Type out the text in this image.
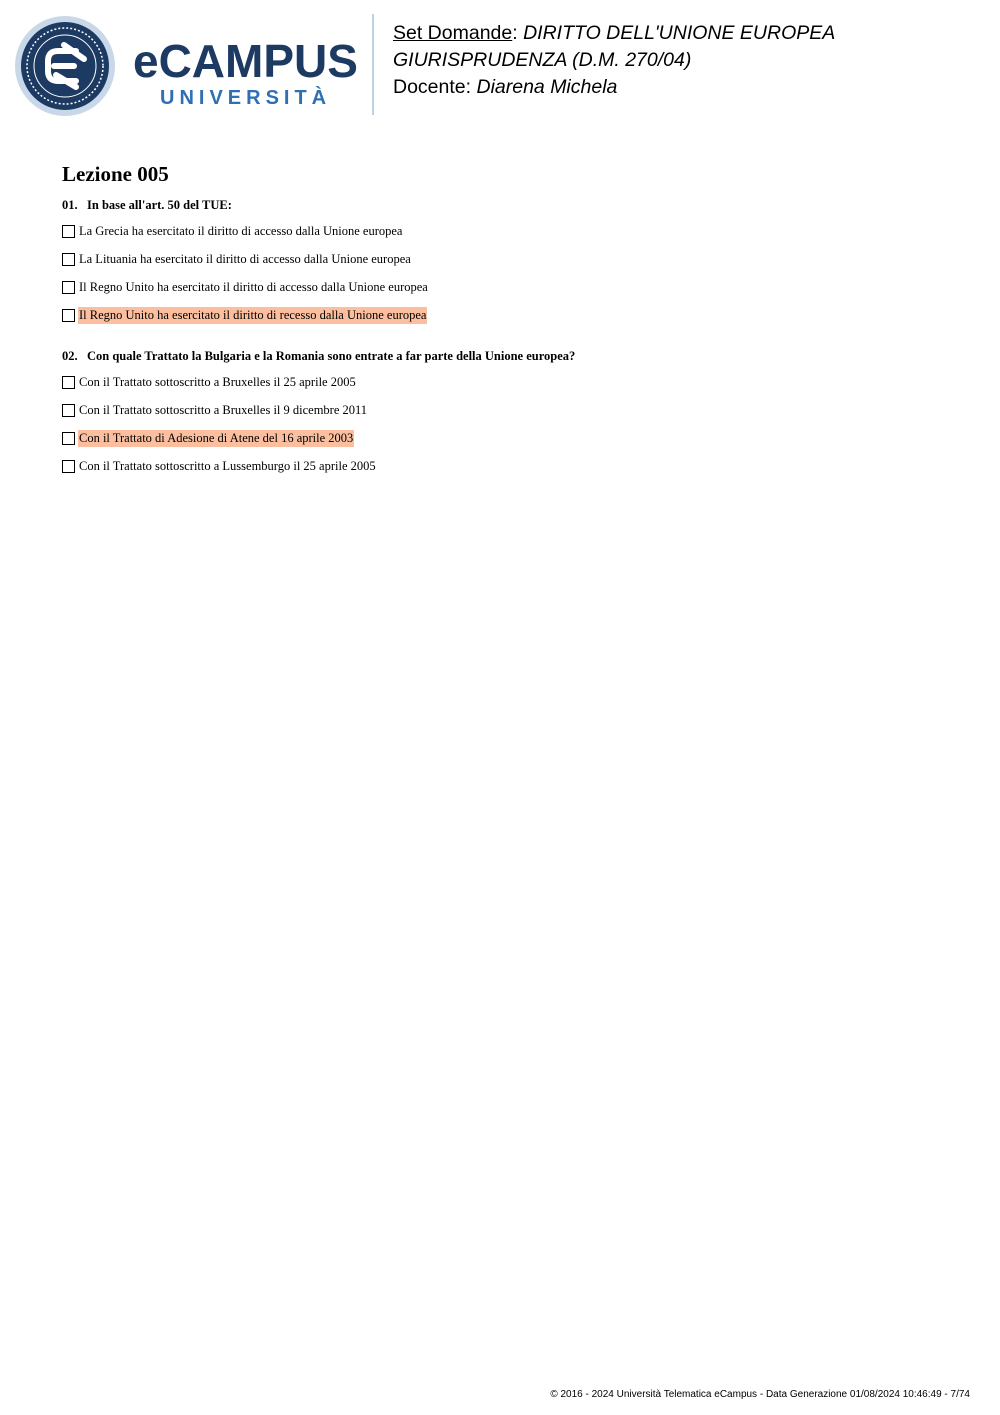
eCAMPUS
UNIVERSITÀ
Set Domande: DIRITTO DELL'UNIONE EUROPEA
GIURISPRUDENZA (D.M. 270/04)
Docente: Diarena Michela
Lezione 005
01. In base all'art. 50 del TUE:
La Grecia ha esercitato il diritto di accesso dalla Unione europea
La Lituania ha esercitato il diritto di accesso dalla Unione europea
Il Regno Unito ha esercitato il diritto di accesso dalla Unione europea
Il Regno Unito ha esercitato il diritto di recesso dalla Unione europea
02. Con quale Trattato la Bulgaria e la Romania sono entrate a far parte della Unione europea?
Con il Trattato sottoscritto a Bruxelles il 25 aprile 2005
Con il Trattato sottoscritto a Bruxelles il 9 dicembre 2011
Con il Trattato di Adesione di Atene del 16 aprile 2003
Con il Trattato sottoscritto a Lussemburgo il 25 aprile 2005
© 2016 - 2024 Università Telematica eCampus - Data Generazione 01/08/2024 10:46:49 - 7/74
